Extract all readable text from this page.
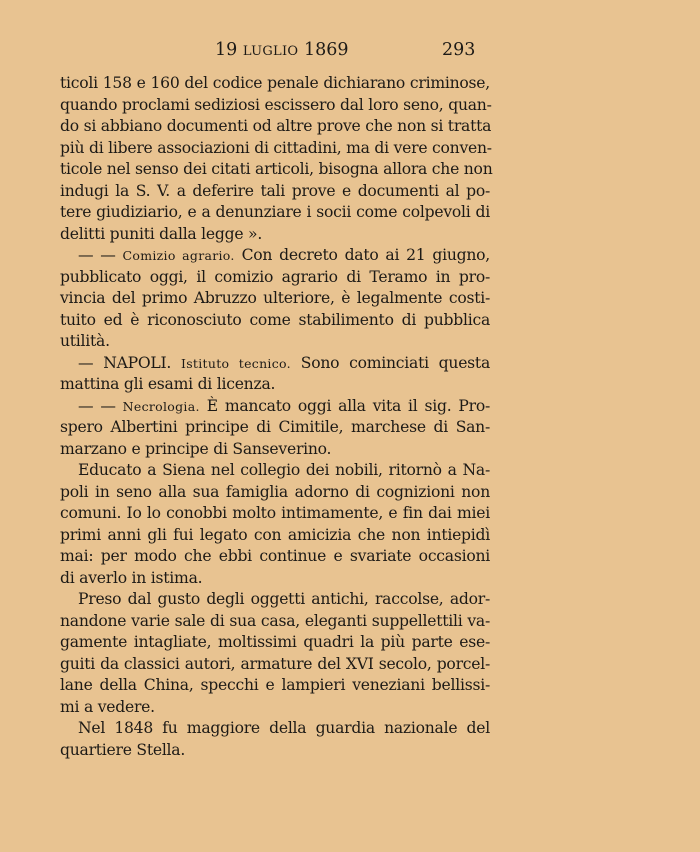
19 LUGLIO 1869	293
ticoli 158 e 160 del codice penale dichiarano criminose,
quando proclami sediziosi escissero dal loro seno, quan-
do si abbiano documenti od altre prove che non si tratta
più di libere associazioni di cittadini, ma di vere conven-
ticole nel senso dei citati articoli, bisogna allora che non
indugi la S. V. a deferire tali prove e documenti al po-
tere giudiziario, e a denunziare i socii come colpevoli di
delitti puniti dalla legge ».
— — Comizio agrario. Con decreto dato ai 21 giugno,
pubblicato oggi, il comizio agrario di Teramo in pro-
vincia del primo Abruzzo ulteriore, è legalmente costi-
tuito ed è riconosciuto come stabilimento di pubblica
utilità.
— NAPOLI. Istituto tecnico. Sono cominciati questa
mattina gli esami di licenza.
— — Necrologia. È mancato oggi alla vita il sig. Pro-
spero Albertini principe di Cimitile, marchese di San-
marzano e principe di Sanseverino.
Educato a Siena nel collegio dei nobili, ritornò a Na-
poli in seno alla sua famiglia adorno di cognizioni non
comuni. Io lo conobbi molto intimamente, e fin dai miei
primi anni gli fui legato con amicizia che non intiepidì
mai: per modo che ebbi continue e svariate occasioni
di averlo in istima.
Preso dal gusto degli oggetti antichi, raccolse, ador-
nandone varie sale di sua casa, eleganti suppellettili va-
gamente intagliate, moltissimi quadri la più parte ese-
guiti da classici autori, armature del XVI secolo, porcel-
lane della China, specchi e lampieri veneziani bellissi-
mi a vedere.
Nel 1848 fu maggiore della guardia nazionale del
quartiere Stella.
